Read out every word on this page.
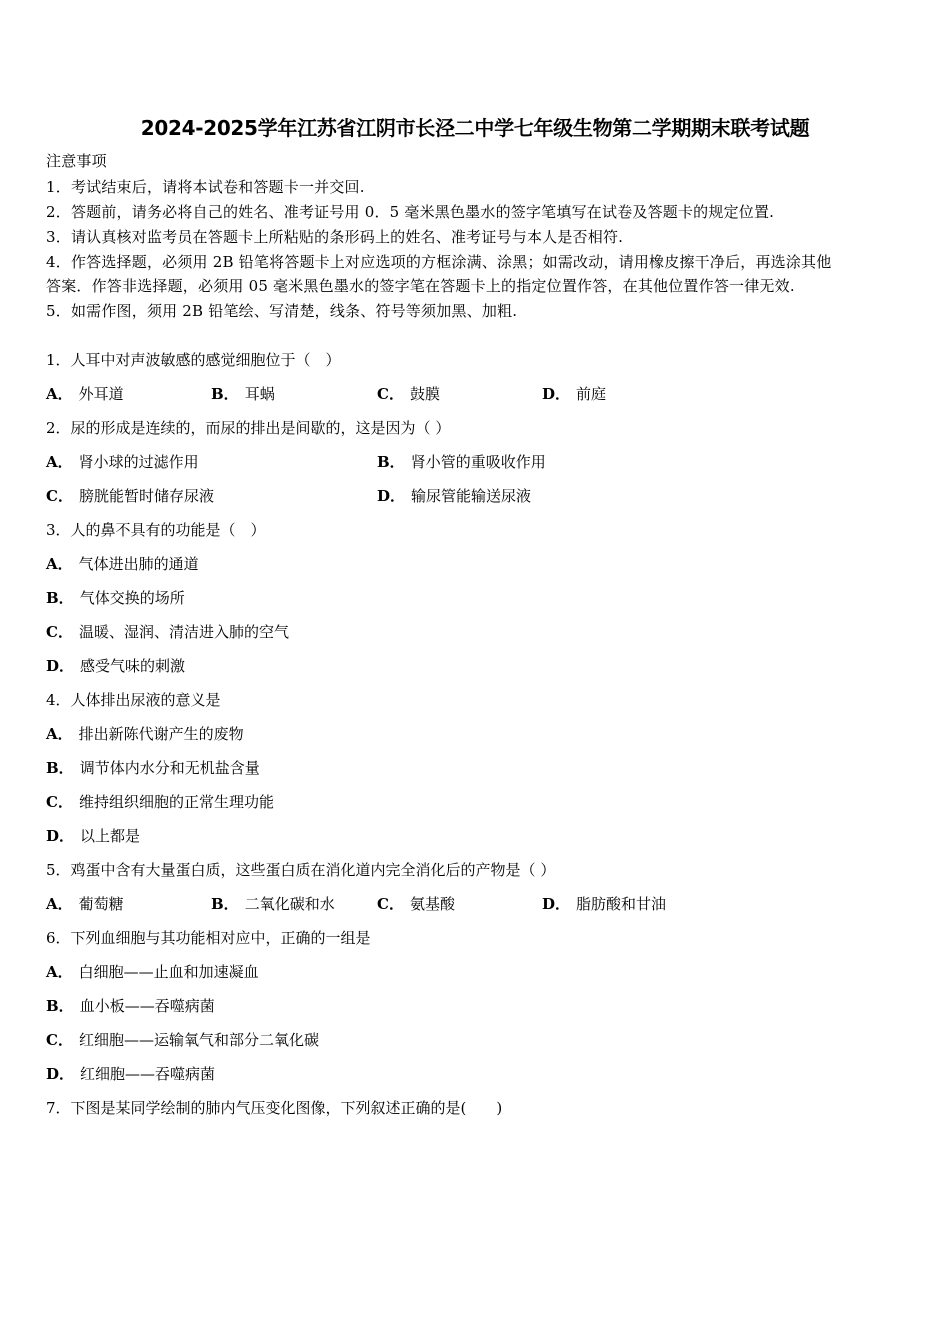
2024-2025学年江苏省江阴市长泾二中学七年级生物第二学期期末联考试题
注意事项
1．考试结束后，请将本试卷和答题卡一并交回.
2．答题前，请务必将自己的姓名、准考证号用 0．5 毫米黑色墨水的签字笔填写在试卷及答题卡的规定位置.
3．请认真核对监考员在答题卡上所粘贴的条形码上的姓名、准考证号与本人是否相符.
4．作答选择题，必须用 2B 铅笔将答题卡上对应选项的方框涂满、涂黑；如需改动，请用橡皮擦干净后，再选涂其他
答案．作答非选择题，必须用 05 毫米黑色墨水的签字笔在答题卡上的指定位置作答，在其他位置作答一律无效.
5．如需作图，须用 2B 铅笔绘、写清楚，线条、符号等须加黑、加粗.
1．人耳中对声波敏感的感觉细胞位于（　）
A． 外耳道	B． 耳蜗	C． 鼓膜	D． 前庭
2．尿的形成是连续的，而尿的排出是间歇的，这是因为（ ）
A． 肾小球的过滤作用	B． 肾小管的重吸收作用
C． 膀胱能暂时储存尿液	D． 输尿管能输送尿液
3．人的鼻不具有的功能是（　）
A． 气体进出肺的通道
B． 气体交换的场所
C． 温暖、湿润、清洁进入肺的空气
D． 感受气味的刺激
4．人体排出尿液的意义是
A． 排出新陈代谢产生的废物
B． 调节体内水分和无机盐含量
C． 维持组织细胞的正常生理功能
D． 以上都是
5．鸡蛋中含有大量蛋白质，这些蛋白质在消化道内完全消化后的产物是（ ）
A． 葡萄糖	B． 二氧化碳和水	C． 氨基酸	D． 脂肪酸和甘油
6．下列血细胞与其功能相对应中，正确的一组是
A． 白细胞——止血和加速凝血
B． 血小板——吞噬病菌
C． 红细胞——运输氧气和部分二氧化碳
D． 红细胞——吞噬病菌
7．下图是某同学绘制的肺内气压变化图像，下列叙述正确的是(　　)
